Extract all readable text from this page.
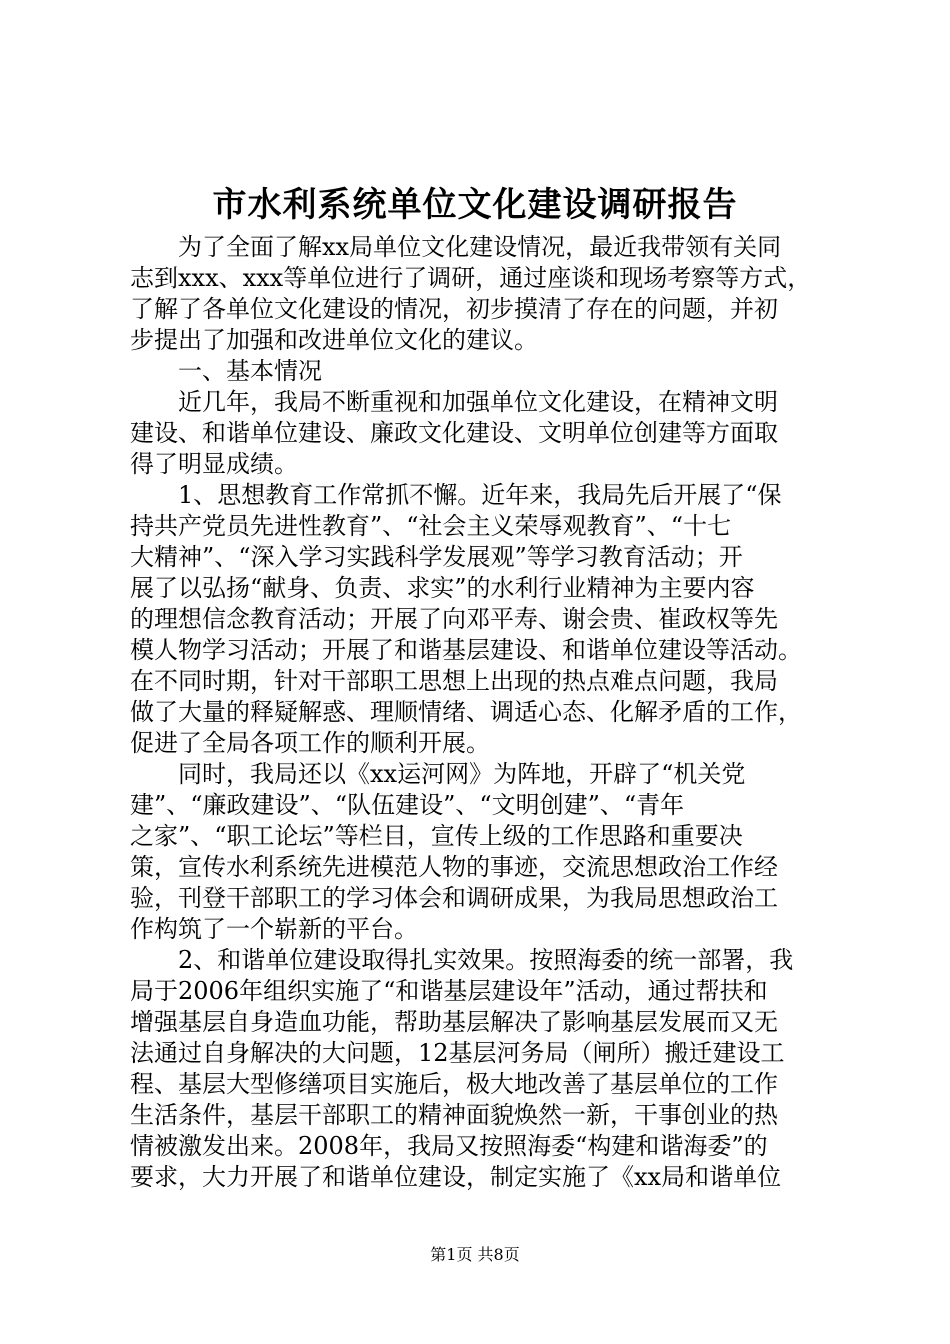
市水利系统单位文化建设调研报告
为了全面了解xx局单位文化建设情况，最近我带领有关同
志到xxx、xxx等单位进行了调研，通过座谈和现场考察等方式，
了解了各单位文化建设的情况，初步摸清了存在的问题，并初
步提出了加强和改进单位文化的建议。
一、基本情况
近几年，我局不断重视和加强单位文化建设，在精神文明
建设、和谐单位建设、廉政文化建设、文明单位创建等方面取
得了明显成绩。
1、思想教育工作常抓不懈。近年来，我局先后开展了“保
持共产党员先进性教育”、“社会主义荣辱观教育”、“十七
大精神”、“深入学习实践科学发展观”等学习教育活动；开
展了以弘扬“献身、负责、求实”的水利行业精神为主要内容
的理想信念教育活动；开展了向邓平寿、谢会贵、崔政权等先
模人物学习活动；开展了和谐基层建设、和谐单位建设等活动。
在不同时期，针对干部职工思想上出现的热点难点问题，我局
做了大量的释疑解惑、理顺情绪、调适心态、化解矛盾的工作，
促进了全局各项工作的顺利开展。
同时，我局还以《xx运河网》为阵地，开辟了“机关党
建”、“廉政建设”、“队伍建设”、“文明创建”、“青年
之家”、“职工论坛”等栏目，宣传上级的工作思路和重要决
策，宣传水利系统先进模范人物的事迹，交流思想政治工作经
验，刊登干部职工的学习体会和调研成果，为我局思想政治工
作构筑了一个崭新的平台。
2、和谐单位建设取得扎实效果。按照海委的统一部署，我
局于2006年组织实施了“和谐基层建设年”活动，通过帮扶和
增强基层自身造血功能，帮助基层解决了影响基层发展而又无
法通过自身解决的大问题，12基层河务局（闸所）搬迁建设工
程、基层大型修缮项目实施后，极大地改善了基层单位的工作
生活条件，基层干部职工的精神面貌焕然一新，干事创业的热
情被激发出来。2008年，我局又按照海委“构建和谐海委”的
要求，大力开展了和谐单位建设，制定实施了《xx局和谐单位
第1页 共8页
